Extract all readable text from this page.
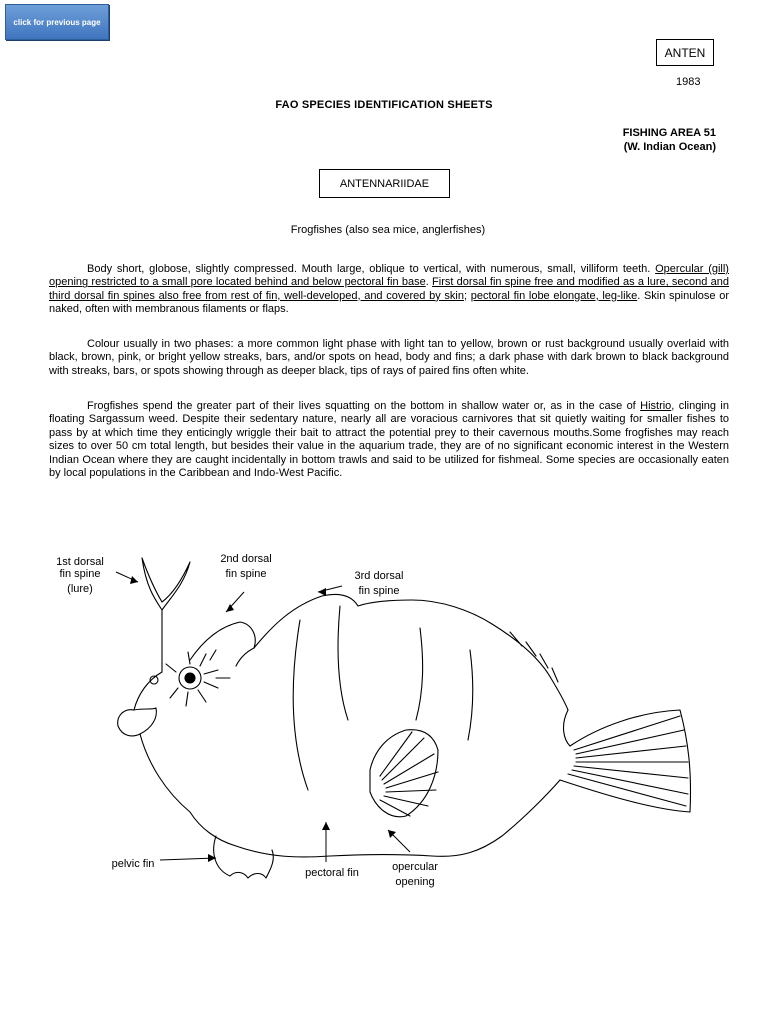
click for previous page
ANTEN
1983
FAO SPECIES IDENTIFICATION SHEETS
FISHING AREA 51
(W. Indian Ocean)
ANTENNARIIDAE
Frogfishes (also sea mice, anglerfishes)

Body short, globose, slightly compressed. Mouth large, oblique to vertical, with numerous, small, villiform teeth. Opercular (gill) opening restricted to a small pore located behind and below pectoral fin base. First dorsal fin spine free and modified as a lure, second and third dorsal fin spines also free from rest of fin, well-developed, and covered by skin; pectoral fin lobe elongate, leg-like. Skin spinulose or naked, often with membranous filaments or flaps.

Colour usually in two phases: a more common light phase with light tan to yellow, brown or rust background usually overlaid with black, brown, pink, or bright yellow streaks, bars, and/or spots on head, body and fins; a dark phase with dark brown to black background with streaks, bars, or spots showing through as deeper black, tips of rays of paired fins often white.

Frogfishes spend the greater part of their lives squatting on the bottom in shallow water or, as in the case of Histrio, clinging in floating Sargassum weed. Despite their sedentary nature, nearly all are voracious carnivores that sit quietly waiting for smaller fishes to pass by at which time they enticingly wriggle their bait to attract the potential prey to their cavernous mouths.Some frogfishes may reach sizes to over 50 cm total length, but besides their value in the aquarium trade, they are of no significant economic interest in the Western Indian Ocean where they are caught incidentally in bottom trawls and said to be utilized for fishmeal. Some species are occasionally eaten by local populations in the Caribbean and Indo-West Pacific.

1st dorsal
fin spine
(lure)
2nd dorsal
fin spine	3rd dorsal
fin spine
pelvic fin
pectoral fin	opercular
opening
